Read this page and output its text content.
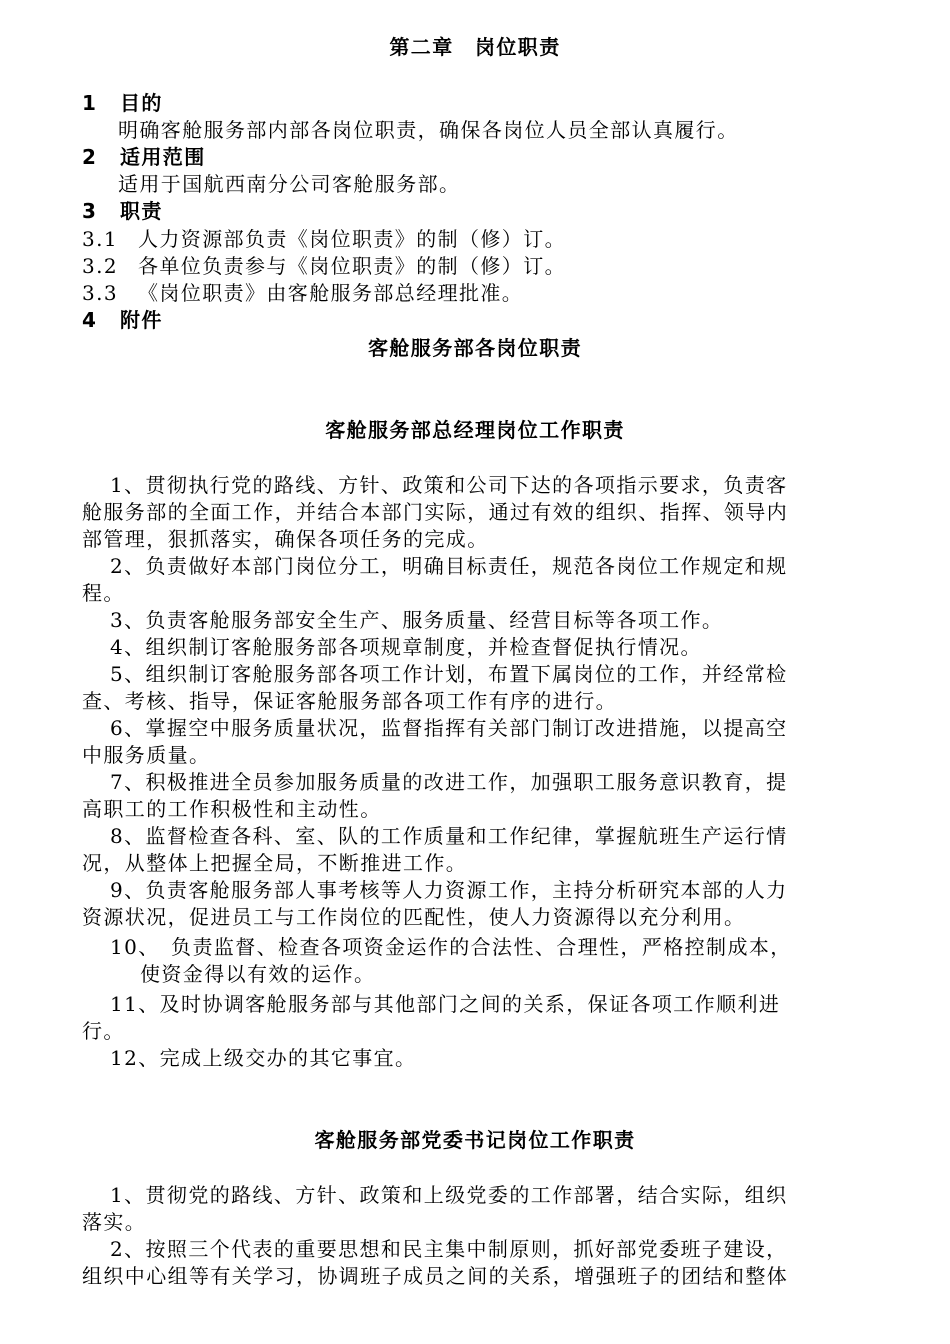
第二章　岗位职责
1 目的
明确客舱服务部内部各岗位职责，确保各岗位人员全部认真履行。
2 适用范围
适用于国航西南分公司客舱服务部。
3 职责
3.1 人力资源部负责《岗位职责》的制（修）订。
3.2 各单位负责参与《岗位职责》的制（修）订。
3.3 《岗位职责》由客舱服务部总经理批准。
4 附件
客舱服务部各岗位职责
客舱服务部总经理岗位工作职责
1、贯彻执行党的路线、方针、政策和公司下达的各项指示要求，负责客
舱服务部的全面工作，并结合本部门实际，通过有效的组织、指挥、领导内
部管理，狠抓落实，确保各项任务的完成。
2、负责做好本部门岗位分工，明确目标责任，规范各岗位工作规定和规
程。
3、负责客舱服务部安全生产、服务质量、经营目标等各项工作。
4、组织制订客舱服务部各项规章制度，并检查督促执行情况。
5、组织制订客舱服务部各项工作计划，布置下属岗位的工作，并经常检
查、考核、指导，保证客舱服务部各项工作有序的进行。
6、掌握空中服务质量状况，监督指挥有关部门制订改进措施，以提高空
中服务质量。
7、积极推进全员参加服务质量的改进工作，加强职工服务意识教育，提
高职工的工作积极性和主动性。
8、监督检查各科、室、队的工作质量和工作纪律，掌握航班生产运行情
况，从整体上把握全局，不断推进工作。
9、负责客舱服务部人事考核等人力资源工作，主持分析研究本部的人力
资源状况，促进员工与工作岗位的匹配性，使人力资源得以充分利用。
10、　负责监督、检查各项资金运作的合法性、合理性，严格控制成本，
使资金得以有效的运作。
11、及时协调客舱服务部与其他部门之间的关系，保证各项工作顺利进
行。
12、完成上级交办的其它事宜。
客舱服务部党委书记岗位工作职责
1、贯彻党的路线、方针、政策和上级党委的工作部署，结合实际，组织
落实。
2、按照三个代表的重要思想和民主集中制原则，抓好部党委班子建设，
组织中心组等有关学习，协调班子成员之间的关系，增强班子的团结和整体
